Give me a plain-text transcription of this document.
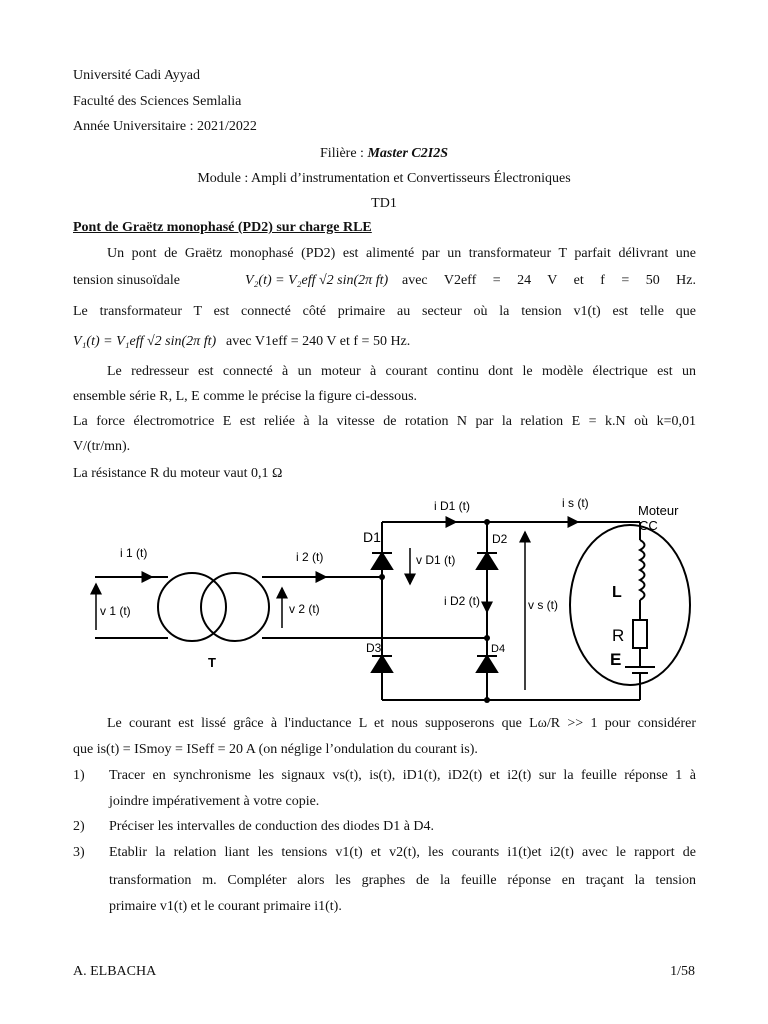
Université Cadi Ayyad
Faculté des Sciences Semlalia
Année Universitaire : 2021/2022
Filière : Master C2I2S
Module : Ampli d’instrumentation et Convertisseurs Électroniques
TD1
Pont de Graëtz monophasé (PD2) sur charge RLE
Un pont de Graëtz monophasé (PD2) est alimenté par un transformateur T parfait délivrant une
tension sinusoïdale	V₂(t) = V₂eff √2 sin(2π ft) avec V2eff = 24 V et f = 50 Hz.
Le transformateur T est connecté côté primaire au secteur où la tension v1(t) est telle que
V₁(t) = V₁eff √2 sin(2π ft) avec V1eff = 240 V et f = 50 Hz.
Le redresseur est connecté à un moteur à courant continu dont le modèle électrique est un
ensemble série R, L, E comme le précise la figure ci-dessous.
La force électromotrice E est reliée à la vitesse de rotation N par la relation E = k.N où k=0,01
V/(tr/mn).
La résistance R du moteur vaut 0,1 Ω
i 1 (t)
v 1 (t)
i 2 (t)
v 2 (t)
T
D1	D2
D3	D4
i D1 (t)
v D1 (t)
i D2 (t)
i s (t)
v s (t)
Moteur
CC
L
R
E
Le courant est lissé grâce à l'inductance L et nous supposerons que Lω/R >> 1 pour considérer
que is(t) = ISmoy = ISeff = 20 A (on néglige l’ondulation du courant is).
1) Tracer en synchronisme les signaux vs(t), is(t), iD1(t), iD2(t) et i2(t) sur la feuille réponse 1 à
joindre impérativement à votre copie.
2) Préciser les intervalles de conduction des diodes D1 à D4.
3) Etablir la relation liant les tensions v1(t) et v2(t), les courants i1(t)et i2(t) avec le rapport de
transformation m. Compléter alors les graphes de la feuille réponse en traçant la tension
primaire v1(t) et le courant primaire i1(t).
A. ELBACHA	1/58
